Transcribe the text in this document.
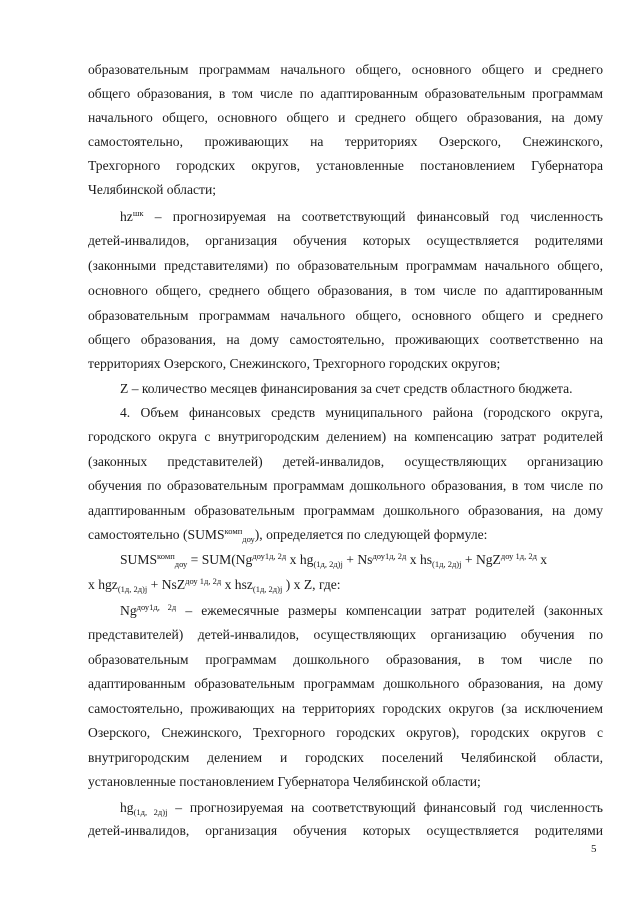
образовательным программам начального общего, основного общего и среднего
общего образования, в том числе по адаптированным образовательным программам
начального общего, основного общего и среднего общего образования, на дому
самостоятельно, проживающих на территориях Озерского, Снежинского,
Трехгорного городских округов, установленные постановлением Губернатора
Челябинской области;
$hz^{шк}$ – прогнозируемая на соответствующий финансовый год численность
детей-инвалидов, организация обучения которых осуществляется родителями
(законными представителями) по образовательным программам начального общего,
основного общего, среднего общего образования, в том числе по адаптированным
образовательным программам начального общего, основного общего и среднего
общего образования, на дому самостоятельно, проживающих соответственно на
территориях Озерского, Снежинского, Трехгорного городских округов;
Z – количество месяцев финансирования за счет средств областного бюджета.
4. Объем финансовых средств муниципального района (городского округа,
городского округа с внутригородским делением) на компенсацию затрат родителей
(законных представителей) детей-инвалидов, осуществляющих организацию
обучения по образовательным программам дошкольного образования, в том числе по
адаптированным образовательным программам дошкольного образования, на дому
самостоятельно $(SUMS^{комп}_{доу})$, определяется по следующей формуле:
$SUMS^{комп}_{доу} = SUM(Ng^{доу1д, 2д}$ x $hg_{(1д, 2д)j} + Ns^{доу1д, 2д}$ x $hs_{(1д, 2д)j} + NgZ^{доу 1д, 2д}$ x
x hgz$_{(1д, 2д)j}$ + NsZ$^{доу 1д, 2д}$ x hsz$_{(1д, 2д)j}$ ) x Z, где:
$Ng^{доу1д, 2д}$ – ежемесячные размеры компенсации затрат родителей (законных
представителей) детей-инвалидов, осуществляющих организацию обучения по
образовательным программам дошкольного образования, в том числе по
адаптированным образовательным программам дошкольного образования, на дому
самостоятельно, проживающих на территориях городских округов (за исключением
Озерского, Снежинского, Трехгорного городских округов), городских округов с
внутригородским делением и городских поселений Челябинской области,
установленные постановлением Губернатора Челябинской области;
$hg_{(1д, 2д)j}$ – прогнозируемая на соответствующий финансовый год численность
детей-инвалидов, организация обучения которых осуществляется родителями
5
